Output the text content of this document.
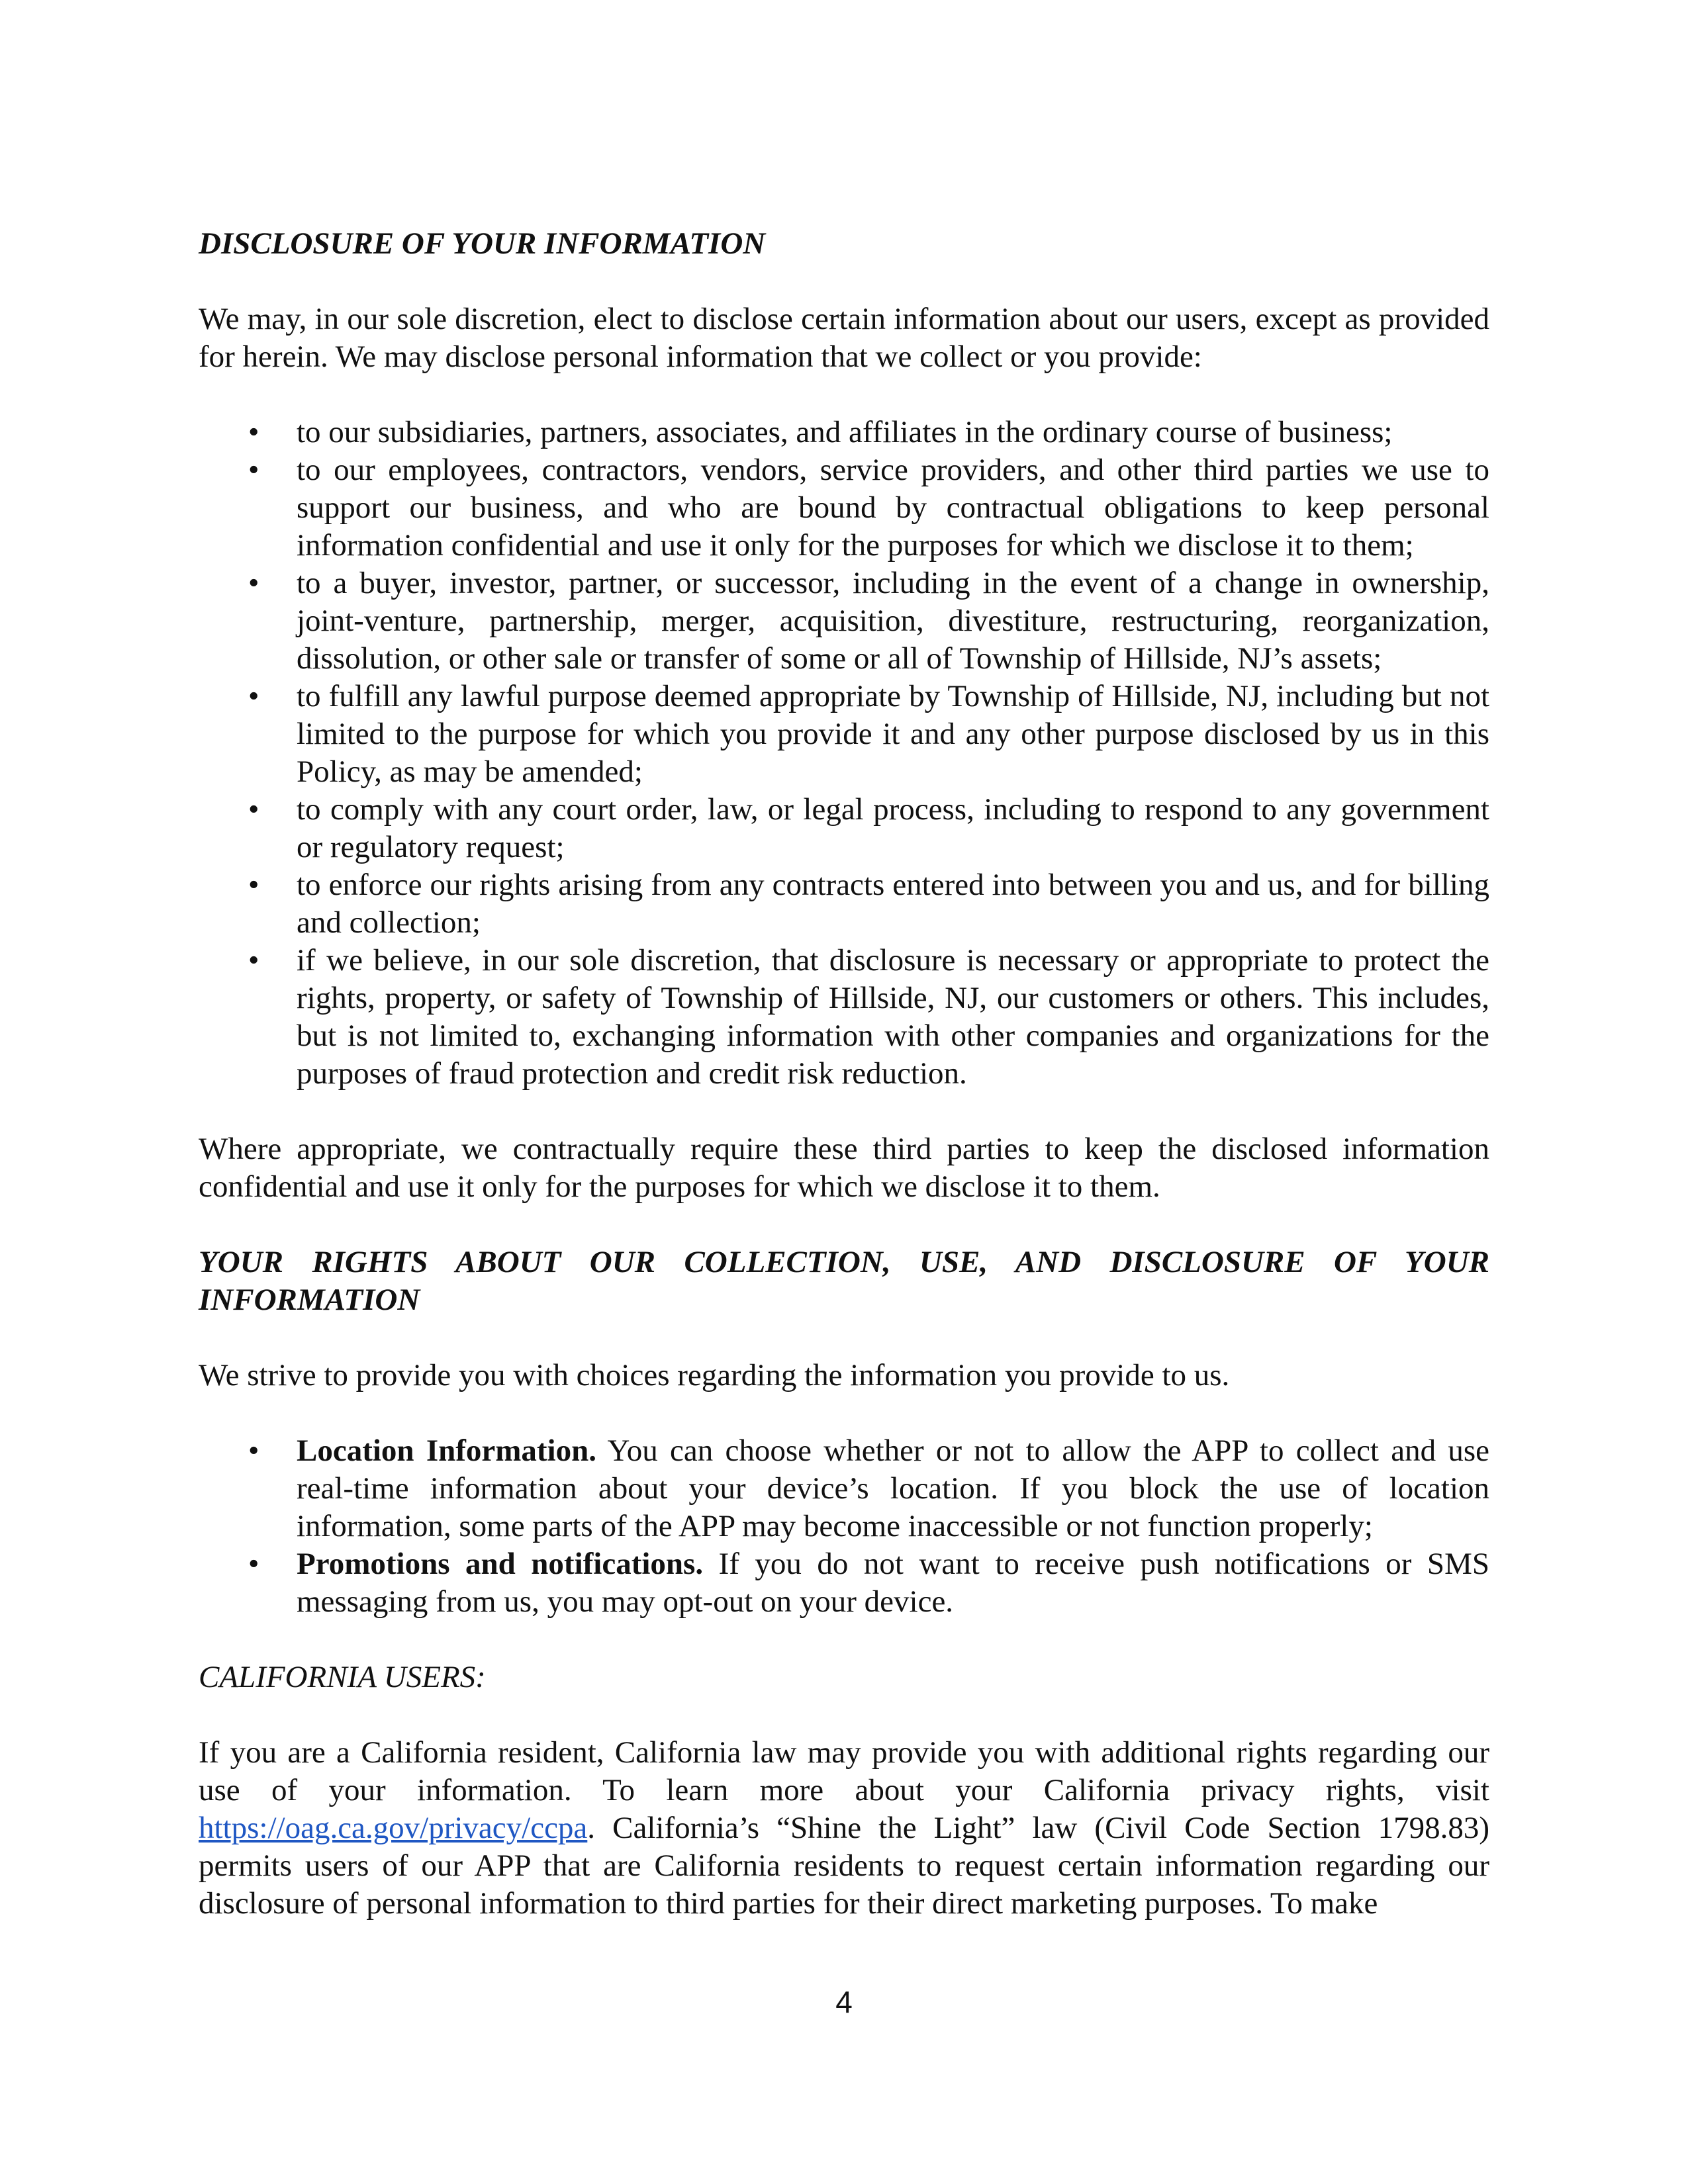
DISCLOSURE OF YOUR INFORMATION

We may, in our sole discretion, elect to disclose certain information about our users, except as provided for herein. We may disclose personal information that we collect or you provide:

• to our subsidiaries, partners, associates, and affiliates in the ordinary course of business;
• to our employees, contractors, vendors, service providers, and other third parties we use to support our business, and who are bound by contractual obligations to keep personal information confidential and use it only for the purposes for which we disclose it to them;
• to a buyer, investor, partner, or successor, including in the event of a change in ownership, joint-venture, partnership, merger, acquisition, divestiture, restructuring, reorganization, dissolution, or other sale or transfer of some or all of Township of Hillside, NJ’s assets;
• to fulfill any lawful purpose deemed appropriate by Township of Hillside, NJ, including but not limited to the purpose for which you provide it and any other purpose disclosed by us in this Policy, as may be amended;
• to comply with any court order, law, or legal process, including to respond to any government or regulatory request;
• to enforce our rights arising from any contracts entered into between you and us, and for billing and collection;
• if we believe, in our sole discretion, that disclosure is necessary or appropriate to protect the rights, property, or safety of Township of Hillside, NJ, our customers or others. This includes, but is not limited to, exchanging information with other companies and organizations for the purposes of fraud protection and credit risk reduction.

Where appropriate, we contractually require these third parties to keep the disclosed information confidential and use it only for the purposes for which we disclose it to them.

YOUR RIGHTS ABOUT OUR COLLECTION, USE, AND DISCLOSURE OF YOUR INFORMATION

We strive to provide you with choices regarding the information you provide to us.

• Location Information. You can choose whether or not to allow the APP to collect and use real-time information about your device’s location. If you block the use of location information, some parts of the APP may become inaccessible or not function properly;
• Promotions and notifications. If you do not want to receive push notifications or SMS messaging from us, you may opt-out on your device.
CALIFORNIA USERS:

If you are a California resident, California law may provide you with additional rights regarding our use of your information. To learn more about your California privacy rights, visit https://oag.ca.gov/privacy/ccpa. California’s “Shine the Light” law (Civil Code Section 1798.83) permits users of our APP that are California residents to request certain information regarding our disclosure of personal information to third parties for their direct marketing purposes. To make

4
